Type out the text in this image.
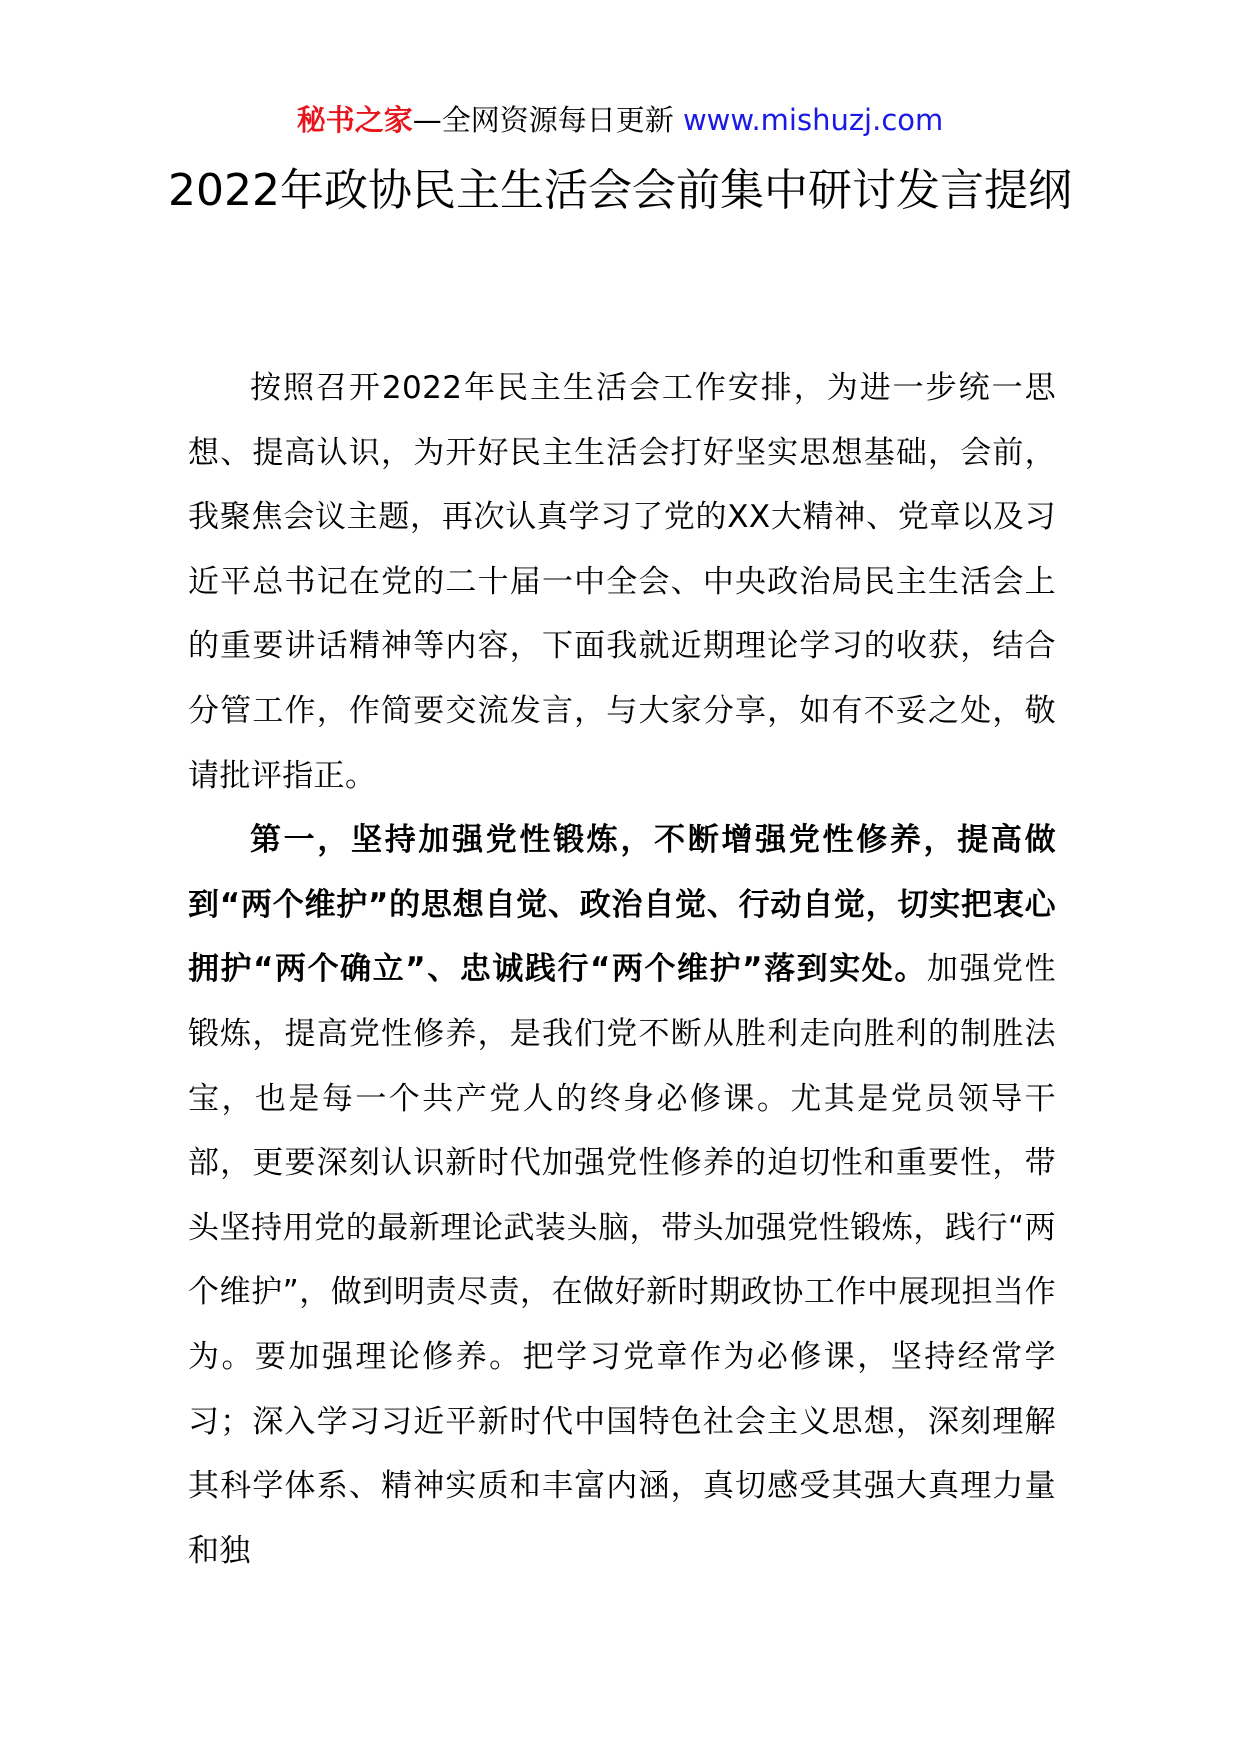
秘书之家—全网资源每日更新 www.mishuzj.com
2022年政协民主生活会会前集中研讨发言提纲

按照召开2022年民主生活会工作安排，为进一步统一思想、提高认识，为开好民主生活会打好坚实思想基础，会前，我聚焦会议主题，再次认真学习了党的XX大精神、党章以及习近平总书记在党的二十届一中全会、中央政治局民主生活会上的重要讲话精神等内容，下面我就近期理论学习的收获，结合分管工作，作简要交流发言，与大家分享，如有不妥之处，敬请批评指正。

第一，坚持加强党性锻炼，不断增强党性修养，提高做到“两个维护”的思想自觉、政治自觉、行动自觉，切实把衷心拥护“两个确立”、忠诚践行“两个维护”落到实处。加强党性锻炼，提高党性修养，是我们党不断从胜利走向胜利的制胜法宝，也是每一个共产党人的终身必修课。尤其是党员领导干部，更要深刻认识新时代加强党性修养的迫切性和重要性，带头坚持用党的最新理论武装头脑，带头加强党性锻炼，践行“两个维护”，做到明责尽责，在做好新时期政协工作中展现担当作为。要加强理论修养。把学习党章作为必修课，坚持经常学习；深入学习习近平新时代中国特色社会主义思想，深刻理解其科学体系、精神实质和丰富内涵，真切感受其强大真理力量和独
